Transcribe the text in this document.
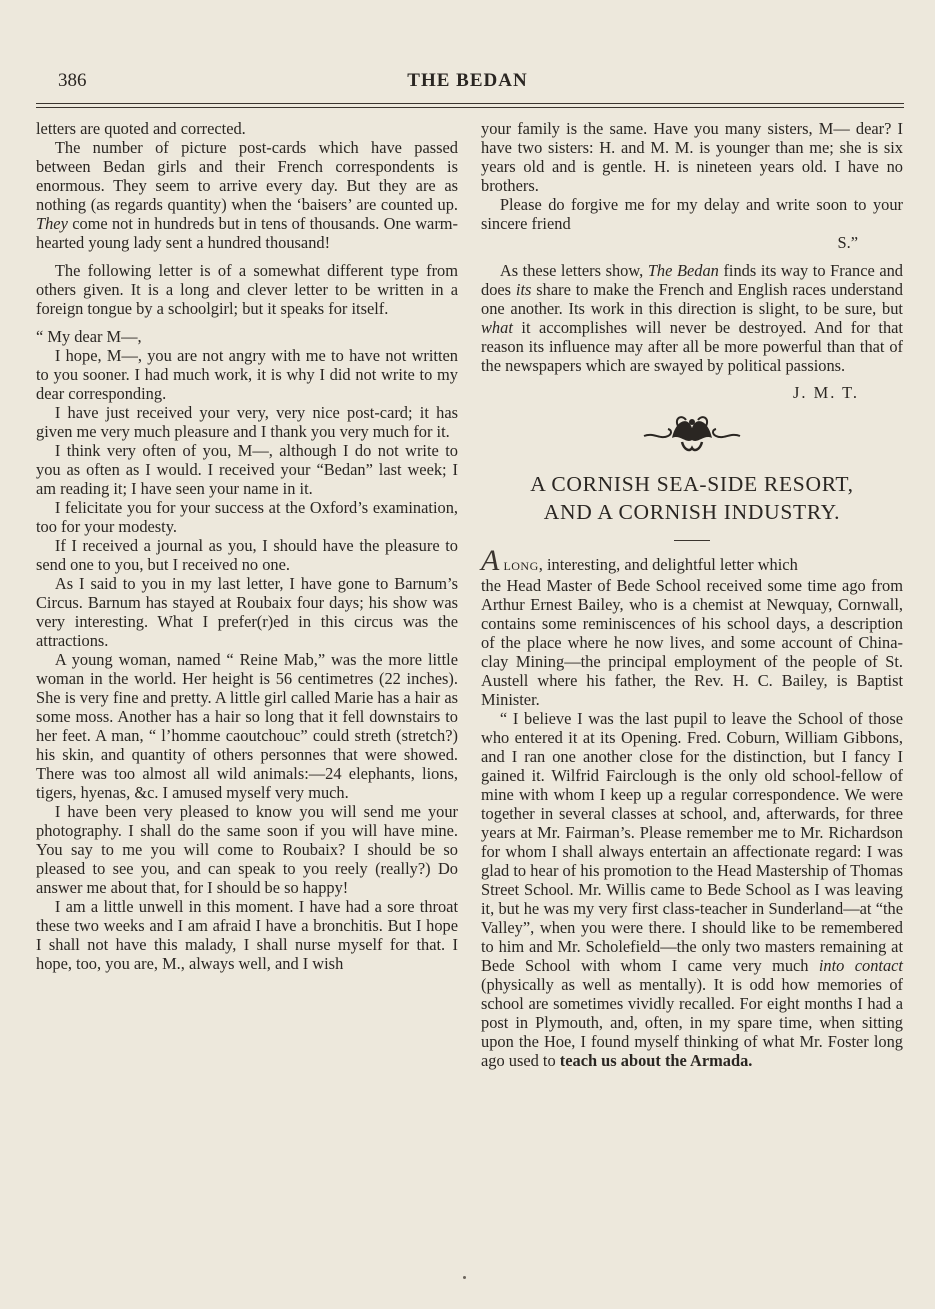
386	THE BEDAN

letters are quoted and corrected.

The number of picture post-cards which have passed between Bedan girls and their French correspondents is enormous. They seem to arrive every day. But they are as nothing (as regards quantity) when the ‘baisers’ are counted up. They come not in hundreds but in tens of thousands. One warm-hearted young lady sent a hundred thousand!

The following letter is of a somewhat different type from others given. It is a long and clever letter to be written in a foreign tongue by a schoolgirl; but it speaks for itself.

“ My dear M—,

I hope, M—, you are not angry with me to have not written to you sooner. I had much work, it is why I did not write to my dear corresponding.

I have just received your very, very nice post-card; it has given me very much pleasure and I thank you very much for it.

I think very often of you, M—, although I do not write to you as often as I would. I received your “Bedan” last week; I am reading it; I have seen your name in it.

I felicitate you for your success at the Oxford’s examination, too for your modesty.

If I received a journal as you, I should have the pleasure to send one to you, but I received no one.

As I said to you in my last letter, I have gone to Barnum’s Circus. Barnum has stayed at Roubaix four days; his show was very interesting. What I prefer(r)ed in this circus was the attractions.

A young woman, named “ Reine Mab,” was the more little woman in the world. Her height is 56 centimetres (22 inches). She is very fine and pretty. A little girl called Marie has a hair as some moss. Another has a hair so long that it fell downstairs to her feet. A man, “ l’homme caoutchouc” could streth (stretch?) his skin, and quantity of others personnes that were showed. There was too almost all wild animals:—24 elephants, lions, tigers, hyenas, &c. I amused myself very much.

I have been very pleased to know you will send me your photography. I shall do the same soon if you will have mine. You say to me you will come to Roubaix? I should be so pleased to see you, and can speak to you reely (really?) Do answer me about that, for I should be so happy!

I am a little unwell in this moment. I have had a sore throat these two weeks and I am afraid I have a bronchitis. But I hope I shall not have this malady, I shall nurse myself for that. I hope, too, you are, M., always well, and I wish

your family is the same. Have you many sisters, M— dear? I have two sisters: H. and M. M. is younger than me; she is six years old and is gentle. H. is nineteen years old. I have no brothers.

Please do forgive me for my delay and write soon to your sincere friend

S.”

As these letters show, The Bedan finds its way to France and does its share to make the French and English races understand one another. Its work in this direction is slight, to be sure, but what it accomplishes will never be destroyed. And for that reason its influence may after all be more powerful than that of the newspapers which are swayed by political passions.

J. M. T.

A CORNISH SEA-SIDE RESORT,
AND A CORNISH INDUSTRY.

A LONG, interesting, and delightful letter which

the Head Master of Bede School received some time ago from Arthur Ernest Bailey, who is a chemist at Newquay, Cornwall, contains some reminiscences of his school days, a description of the place where he now lives, and some account of China-clay Mining—the principal employment of the people of St. Austell where his father, the Rev. H. C. Bailey, is Baptist Minister.

“ I believe I was the last pupil to leave the School of those who entered it at its Opening. Fred. Coburn, William Gibbons, and I ran one another close for the distinction, but I fancy I gained it. Wilfrid Fairclough is the only old school-fellow of mine with whom I keep up a regular correspondence. We were together in several classes at school, and, afterwards, for three years at Mr. Fairman’s. Please remember me to Mr. Richardson for whom I shall always entertain an affectionate regard: I was glad to hear of his promotion to the Head Mastership of Thomas Street School. Mr. Willis came to Bede School as I was leaving it, but he was my very first class-teacher in Sunderland—at “the Valley”, when you were there. I should like to be remembered to him and Mr. Scholefield—the only two masters remaining at Bede School with whom I came very much into contact (physically as well as mentally). It is odd how memories of school are sometimes vividly recalled. For eight months I had a post in Plymouth, and, often, in my spare time, when sitting upon the Hoe, I found myself thinking of what Mr. Foster long ago used to teach us about the Armada.
